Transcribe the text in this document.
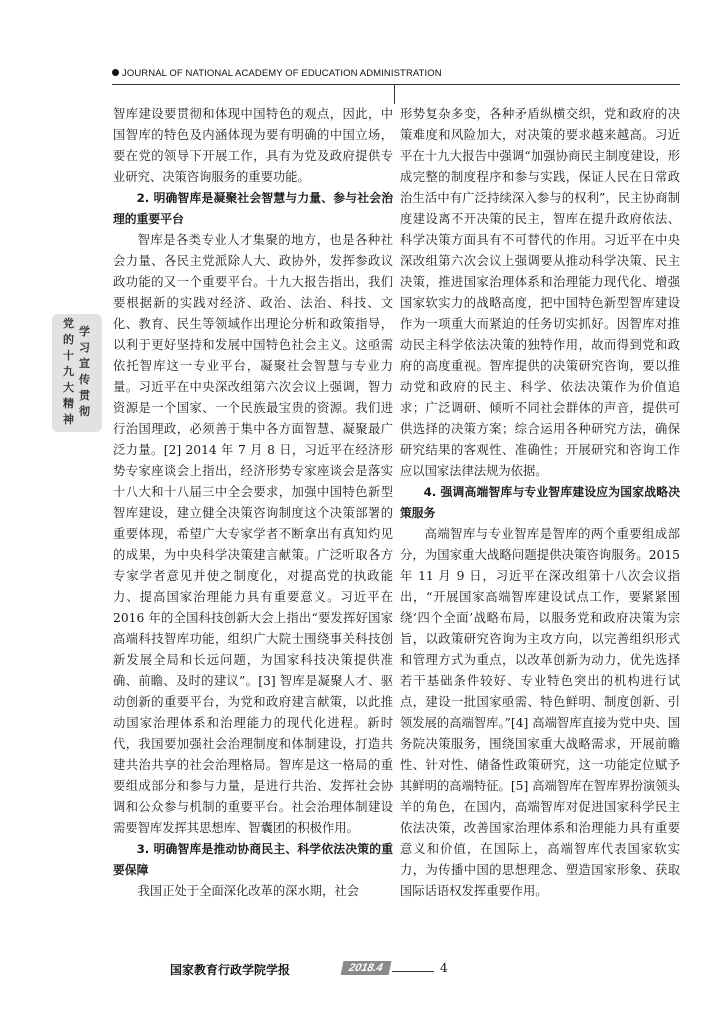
JOURNAL OF NATIONAL ACADEMY OF EDUCATION ADMINISTRATION
学
习
宣
传
贯
彻
党
的
十
九
大
精
神

智库建设要贯彻和体现中国特色的观点，因此，中国智库的特色及内涵体现为要有明确的中国立场，要在党的领导下开展工作，具有为党及政府提供专业研究、决策咨询服务的重要功能。

2. 明确智库是凝聚社会智慧与力量、参与社会治理的重要平台

智库是各类专业人才集聚的地方，也是各种社会力量、各民主党派除人大、政协外，发挥参政议政功能的又一个重要平台。十九大报告指出，我们要根据新的实践对经济、政治、法治、科技、文化、教育、民生等领域作出理论分析和政策指导，以利于更好坚持和发展中国特色社会主义。这亟需依托智库这一专业平台，凝聚社会智慧与专业力量。习近平在中央深改组第六次会议上强调，智力资源是一个国家、一个民族最宝贵的资源。我们进行治国理政，必须善于集中各方面智慧、凝聚最广泛力量。[2] 2014 年 7 月 8 日，习近平在经济形势专家座谈会上指出，经济形势专家座谈会是落实十八大和十八届三中全会要求，加强中国特色新型智库建设，建立健全决策咨询制度这个决策部署的重要体现，希望广大专家学者不断拿出有真知灼见的成果，为中央科学决策建言献策。广泛听取各方专家学者意见并使之制度化，对提高党的执政能力、提高国家治理能力具有重要意义。习近平在 2016 年的全国科技创新大会上指出“要发挥好国家高端科技智库功能，组织广大院士围绕事关科技创新发展全局和长远问题，为国家科技决策提供准确、前瞻、及时的建议”。[3] 智库是凝聚人才、驱动创新的重要平台，为党和政府建言献策，以此推动国家治理体系和治理能力的现代化进程。新时代，我国要加强社会治理制度和体制建设，打造共建共治共享的社会治理格局。智库是这一格局的重要组成部分和参与力量，是进行共治、发挥社会协调和公众参与机制的重要平台。社会治理体制建设需要智库发挥其思想库、智囊团的积极作用。

3. 明确智库是推动协商民主、科学依法决策的重要保障

我国正处于全面深化改革的深水期，社会

形势复杂多变，各种矛盾纵横交织，党和政府的决策难度和风险加大，对决策的要求越来越高。习近平在十九大报告中强调“加强协商民主制度建设，形成完整的制度程序和参与实践，保证人民在日常政治生活中有广泛持续深入参与的权利”，民主协商制度建设离不开决策的民主，智库在提升政府依法、科学决策方面具有不可替代的作用。习近平在中央深改组第六次会议上强调要从推动科学决策、民主决策，推进国家治理体系和治理能力现代化、增强国家软实力的战略高度，把中国特色新型智库建设作为一项重大而紧迫的任务切实抓好。因智库对推动民主科学依法决策的独特作用，故而得到党和政府的高度重视。智库提供的决策研究咨询，要以推动党和政府的民主、科学、依法决策作为价值追求；广泛调研、倾听不同社会群体的声音，提供可供选择的决策方案；综合运用各种研究方法，确保研究结果的客观性、准确性；开展研究和咨询工作应以国家法律法规为依据。

4. 强调高端智库与专业智库建设应为国家战略决策服务

高端智库与专业智库是智库的两个重要组成部分，为国家重大战略问题提供决策咨询服务。2015 年 11 月 9 日，习近平在深改组第十八次会议指出，“开展国家高端智库建设试点工作，要紧紧围绕‘四个全面’战略布局，以服务党和政府决策为宗旨，以政策研究咨询为主攻方向，以完善组织形式和管理方式为重点，以改革创新为动力，优先选择若干基础条件较好、专业特色突出的机构进行试点，建设一批国家亟需、特色鲜明、制度创新、引领发展的高端智库。”[4] 高端智库直接为党中央、国务院决策服务，围绕国家重大战略需求，开展前瞻性、针对性、储备性政策研究，这一功能定位赋予其鲜明的高端特征。[5] 高端智库在智库界扮演领头羊的角色，在国内，高端智库对促进国家科学民主依法决策，改善国家治理体系和治理能力具有重要意义和价值，在国际上，高端智库代表国家软实力，为传播中国的思想理念、塑造国家形象、获取国际话语权发挥重要作用。

国家教育行政学院学报	2018.4	4
